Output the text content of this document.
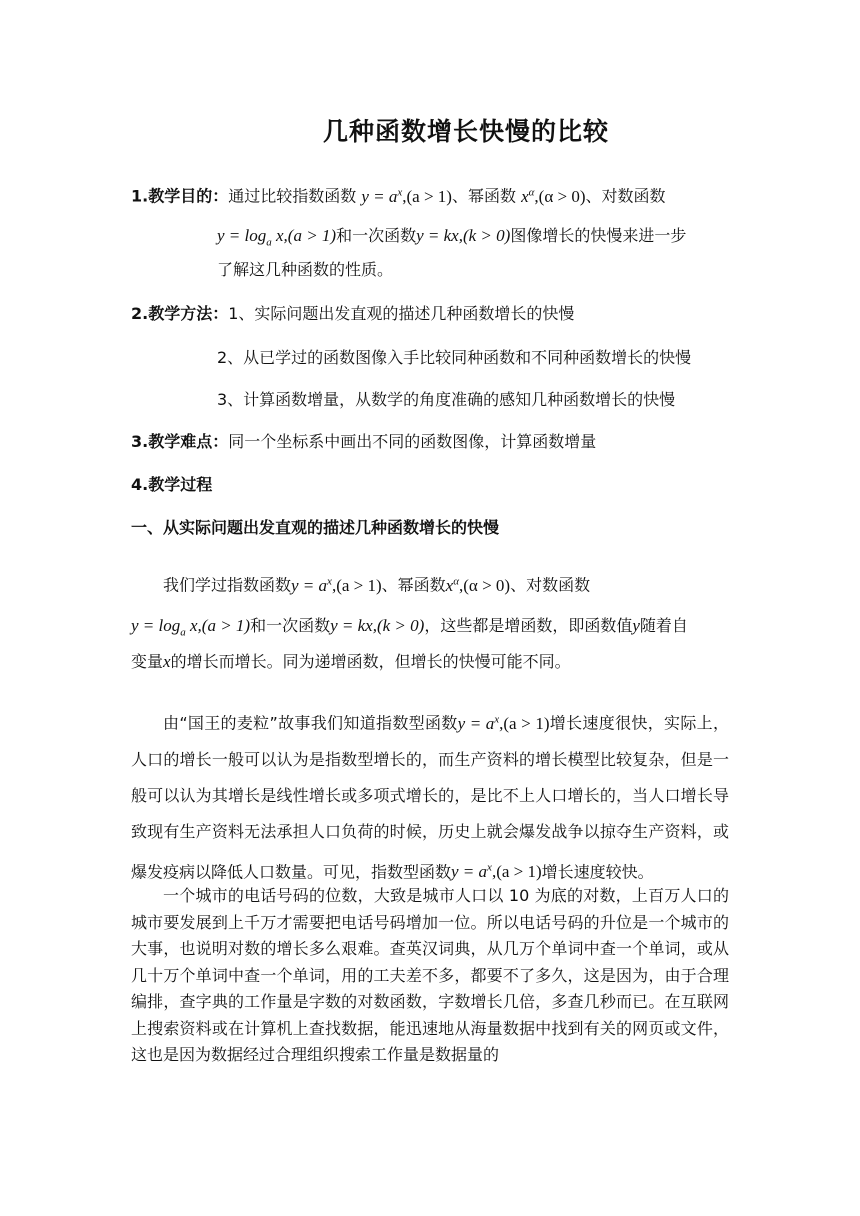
几种函数增长快慢的比较
1.教学目的：通过比较指数函数 $y = a^x,(a > 1)$、幂函数 $x^\alpha,(\alpha > 0)$、对数函数
$y = \log_a x,(a > 1)$和一次函数y = kx,(k > 0)图像增长的快慢来进一步
了解这几种函数的性质。
2.教学方法：1、实际问题出发直观的描述几种函数增长的快慢
2、从已学过的函数图像入手比较同种函数和不同种函数增长的快慢
3、计算函数增量，从数学的角度准确的感知几种函数增长的快慢
3.教学难点：同一个坐标系中画出不同的函数图像，计算函数增量
4.教学过程
一、从实际问题出发直观的描述几种函数增长的快慢
我们学过指数函数$y = a^x,(a > 1)$、幂函数$x^\alpha,(\alpha > 0)$、对数函数
$y = \log_a x,(a > 1)$和一次函数y = kx,(k > 0)，这些都是增函数，即函数值y随着自
变量x的增长而增长。同为递增函数，但增长的快慢可能不同。
由“国王的麦粒”故事我们知道指数型函数$y = a^x,(a > 1)$增长速度很快，实际上，人口的增长一般可以认为是指数型增长的，而生产资料的增长模型比较复杂，但是一般可以认为其增长是线性增长或多项式增长的，是比不上人口增长的，当人口增长导致现有生产资料无法承担人口负荷的时候，历史上就会爆发战争以掠夺生产资料，或爆发疫病以降低人口数量。可见，指数型函数$y = a^x,(a > 1)$增长速度较快。
一个城市的电话号码的位数，大致是城市人口以 10 为底的对数，上百万人口的城市要发展到上千万才需要把电话号码增加一位。所以电话号码的升位是一个城市的大事，也说明对数的增长多么艰难。查英汉词典，从几万个单词中查一个单词，或从几十万个单词中查一个单词，用的工夫差不多，都要不了多久，这是因为，由于合理编排，查字典的工作量是字数的对数函数，字数增长几倍，多查几秒而已。在互联网上搜索资料或在计算机上查找数据，能迅速地从海量数据中找到有关的网页或文件，这也是因为数据经过合理组织搜索工作量是数据量的
